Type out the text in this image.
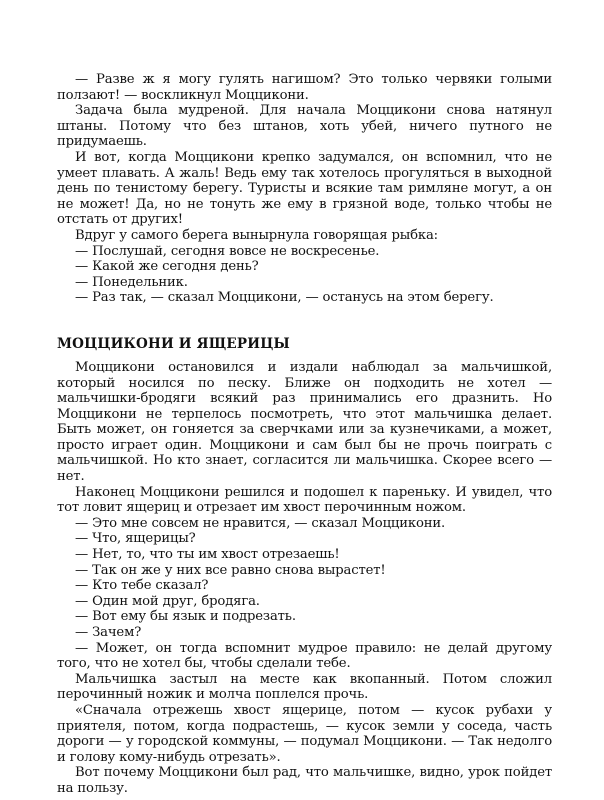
— Разве ж я могу гулять нагишом? Это только червяки голыми ползают! — воскликнул Моццикони.

Задача была мудреной. Для начала Моццикони снова натянул штаны. Потому что без штанов, хоть убей, ничего путного не придумаешь.

И вот, когда Моццикони крепко задумался, он вспомнил, что не умеет плавать. А жаль! Ведь ему так хотелось прогуляться в выходной день по тенистому берегу. Туристы и всякие там римляне могут, а он не может! Да, но не тонуть же ему в грязной воде, только чтобы не отстать от других!

Вдруг у самого берега вынырнула говорящая рыбка:

— Послушай, сегодня вовсе не воскресенье.

— Какой же сегодня день?

— Понедельник.

— Раз так, — сказал Моццикони, — останусь на этом берегу.

МОЦЦИКОНИ И ЯЩЕРИЦЫ

Моццикони остановился и издали наблюдал за мальчишкой, который носился по песку. Ближе он подходить не хотел — мальчишки-бродяги всякий раз принимались его дразнить. Но Моццикони не терпелось посмотреть, что этот мальчишка делает. Быть может, он гоняется за сверчками или за кузнечиками, а может, просто играет один. Моццикони и сам был бы не прочь поиграть с мальчишкой. Но кто знает, согласится ли мальчишка. Скорее всего — нет.

Наконец Моццикони решился и подошел к пареньку. И увидел, что тот ловит ящериц и отрезает им хвост перочинным ножом.

— Это мне совсем не нравится, — сказал Моццикони.

— Что, ящерицы?

— Нет, то, что ты им хвост отрезаешь!

— Так он же у них все равно снова вырастет!

— Кто тебе сказал?

— Один мой друг, бродяга.

— Вот ему бы язык и подрезать.

— Зачем?

— Может, он тогда вспомнит мудрое правило: не делай другому того, что не хотел бы, чтобы сделали тебе.

Мальчишка застыл на месте как вкопанный. Потом сложил перочинный ножик и молча поплелся прочь.

«Сначала отрежешь хвост ящерице, потом — кусок рубахи у приятеля, потом, когда подрастешь, — кусок земли у соседа, часть дороги — у городской коммуны, — подумал Моццикони. — Так недолго и голову кому-нибудь отрезать».

Вот почему Моццикони был рад, что мальчишке, видно, урок пойдет на пользу.
